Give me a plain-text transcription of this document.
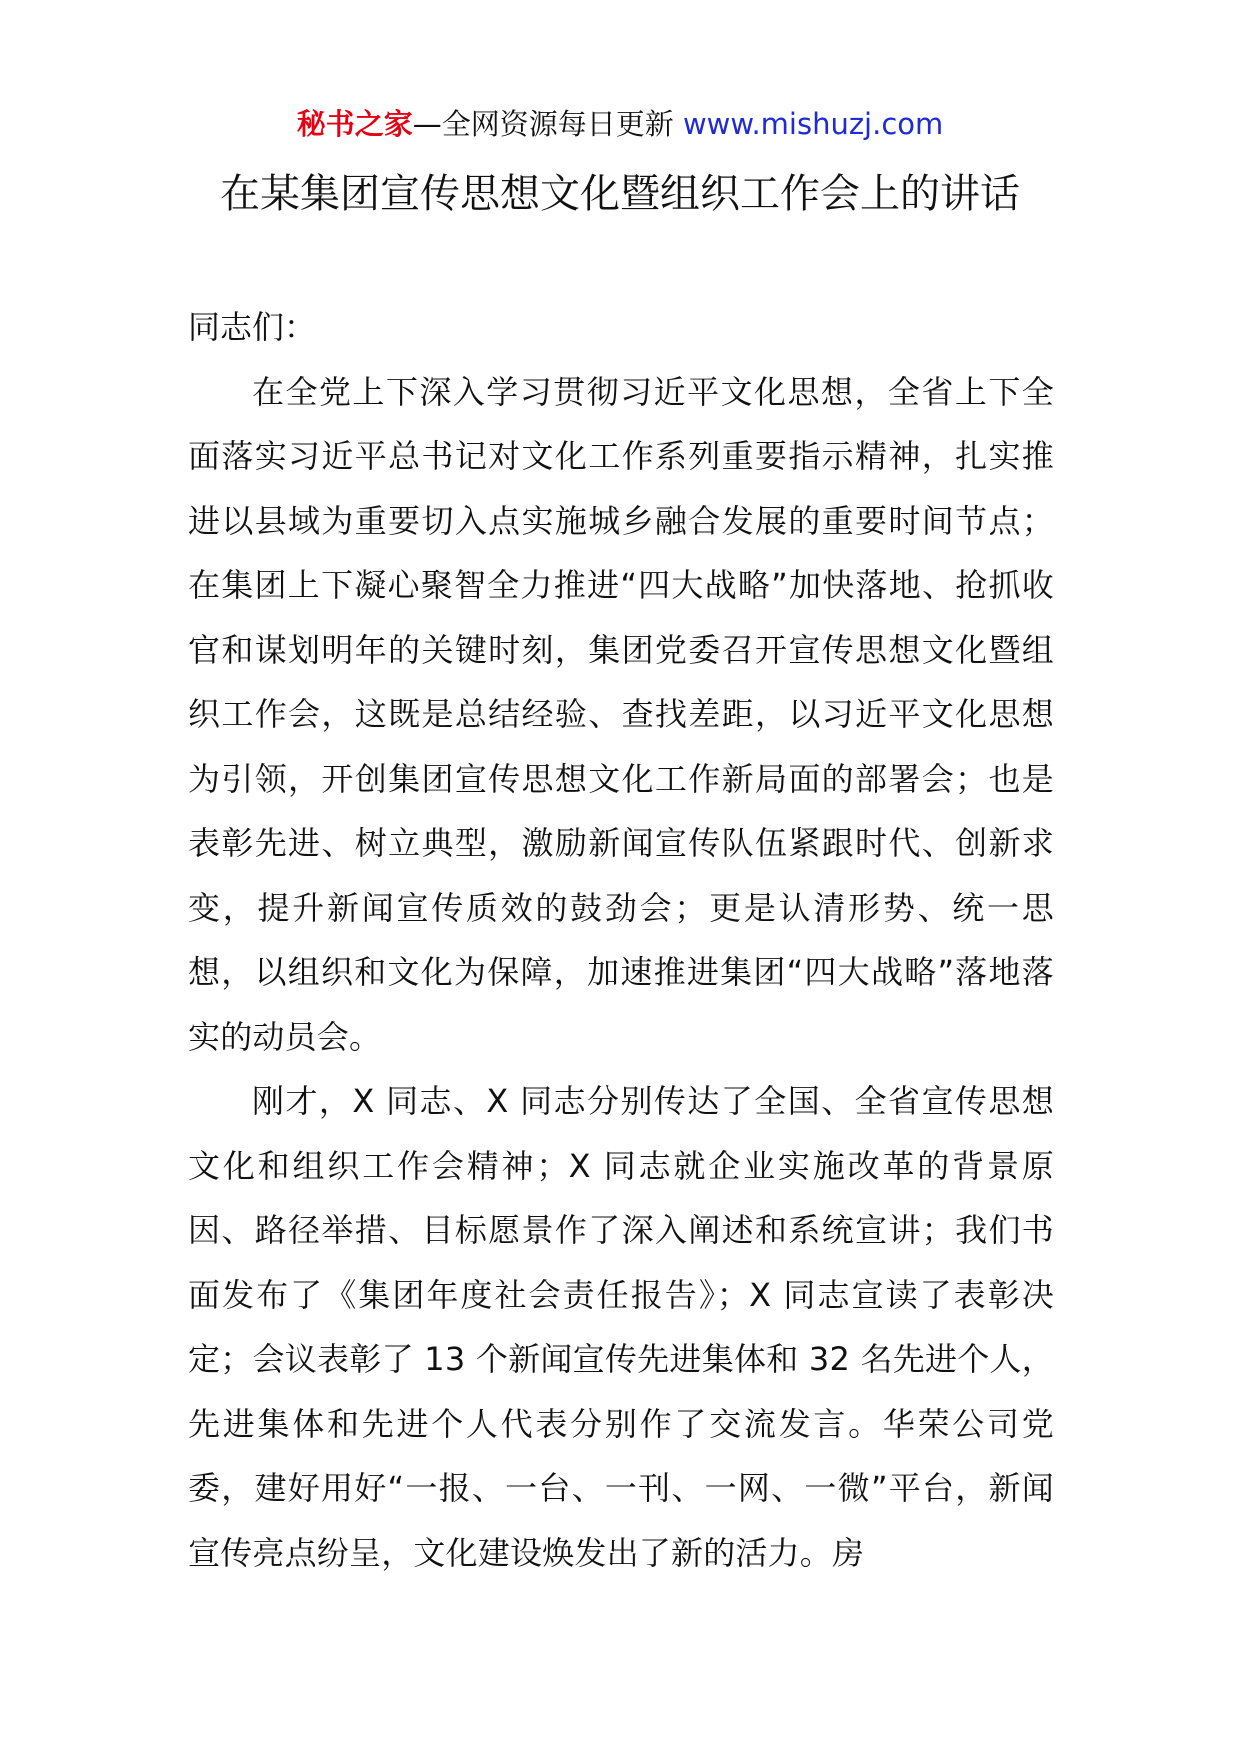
秘书之家—全网资源每日更新 www.mishuzj.com
在某集团宣传思想文化暨组织工作会上的讲话

同志们：

在全党上下深入学习贯彻习近平文化思想，全省上下全面落实习近平总书记对文化工作系列重要指示精神，扎实推进以县域为重要切入点实施城乡融合发展的重要时间节点；在集团上下凝心聚智全力推进“四大战略”加快落地、抢抓收官和谋划明年的关键时刻，集团党委召开宣传思想文化暨组织工作会，这既是总结经验、查找差距，以习近平文化思想为引领，开创集团宣传思想文化工作新局面的部署会；也是表彰先进、树立典型，激励新闻宣传队伍紧跟时代、创新求变，提升新闻宣传质效的鼓劲会；更是认清形势、统一思想，以组织和文化为保障，加速推进集团“四大战略”落地落实的动员会。

刚才，X 同志、X 同志分别传达了全国、全省宣传思想文化和组织工作会精神；X 同志就企业实施改革的背景原因、路径举措、目标愿景作了深入阐述和系统宣讲；我们书面发布了《集团年度社会责任报告》；X 同志宣读了表彰决定；会议表彰了 13 个新闻宣传先进集体和 32 名先进个人，先进集体和先进个人代表分别作了交流发言。华荣公司党委，建好用好“一报、一台、一刊、一网、一微”平台，新闻宣传亮点纷呈，文化建设焕发出了新的活力。房
